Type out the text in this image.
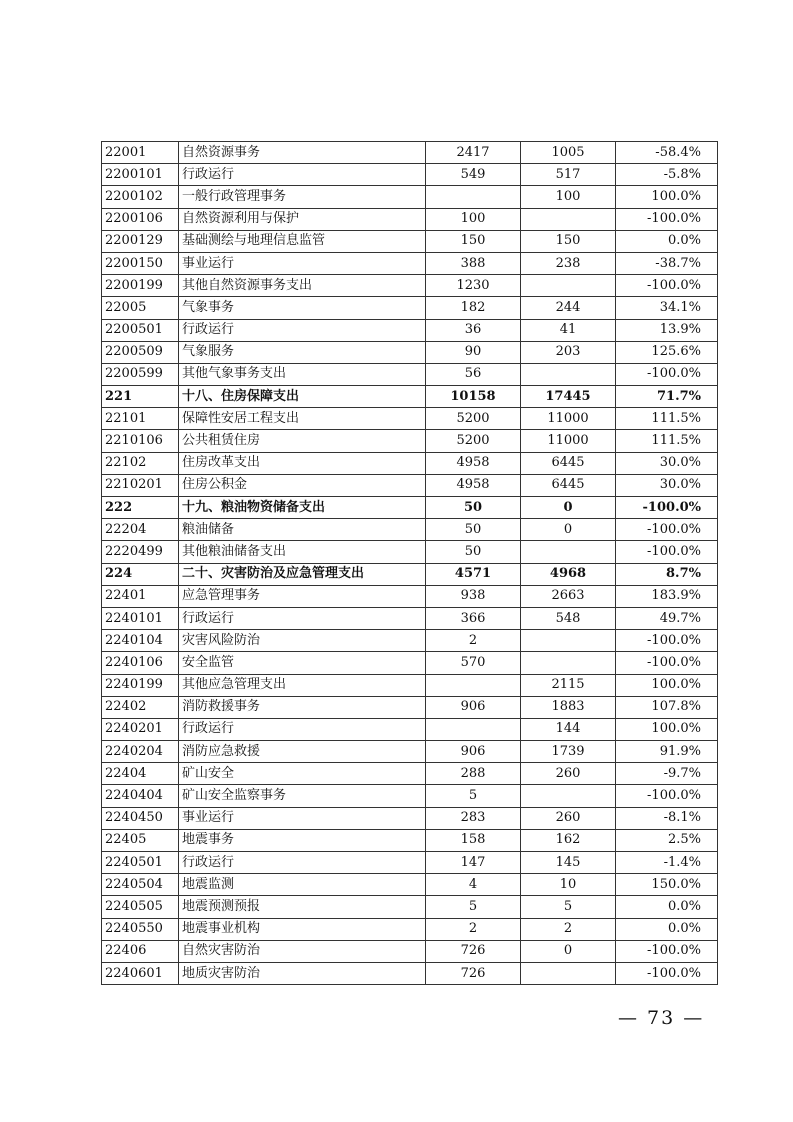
22001	自然资源事务	2417	1005	-58.4%
2200101	行政运行	549	517	-5.8%
2200102	一般行政管理事务		100	100.0%
2200106	自然资源利用与保护	100		-100.0%
2200129	基础测绘与地理信息监管	150	150	0.0%
2200150	事业运行	388	238	-38.7%
2200199	其他自然资源事务支出	1230		-100.0%
22005	气象事务	182	244	34.1%
2200501	行政运行	36	41	13.9%
2200509	气象服务	90	203	125.6%
2200599	其他气象事务支出	56		-100.0%
221	十八、住房保障支出	10158	17445	71.7%
22101	保障性安居工程支出	5200	11000	111.5%
2210106	公共租赁住房	5200	11000	111.5%
22102	住房改革支出	4958	6445	30.0%
2210201	住房公积金	4958	6445	30.0%
222	十九、粮油物资储备支出	50	0	-100.0%
22204	粮油储备	50	0	-100.0%
2220499	其他粮油储备支出	50		-100.0%
224	二十、灾害防治及应急管理支出	4571	4968	8.7%
22401	应急管理事务	938	2663	183.9%
2240101	行政运行	366	548	49.7%
2240104	灾害风险防治	2		-100.0%
2240106	安全监管	570		-100.0%
2240199	其他应急管理支出		2115	100.0%
22402	消防救援事务	906	1883	107.8%
2240201	行政运行		144	100.0%
2240204	消防应急救援	906	1739	91.9%
22404	矿山安全	288	260	-9.7%
2240404	矿山安全监察事务	5		-100.0%
2240450	事业运行	283	260	-8.1%
22405	地震事务	158	162	2.5%
2240501	行政运行	147	145	-1.4%
2240504	地震监测	4	10	150.0%
2240505	地震预测预报	5	5	0.0%
2240550	地震事业机构	2	2	0.0%
22406	自然灾害防治	726	0	-100.0%
2240601	地质灾害防治	726		-100.0%
— 73 —
